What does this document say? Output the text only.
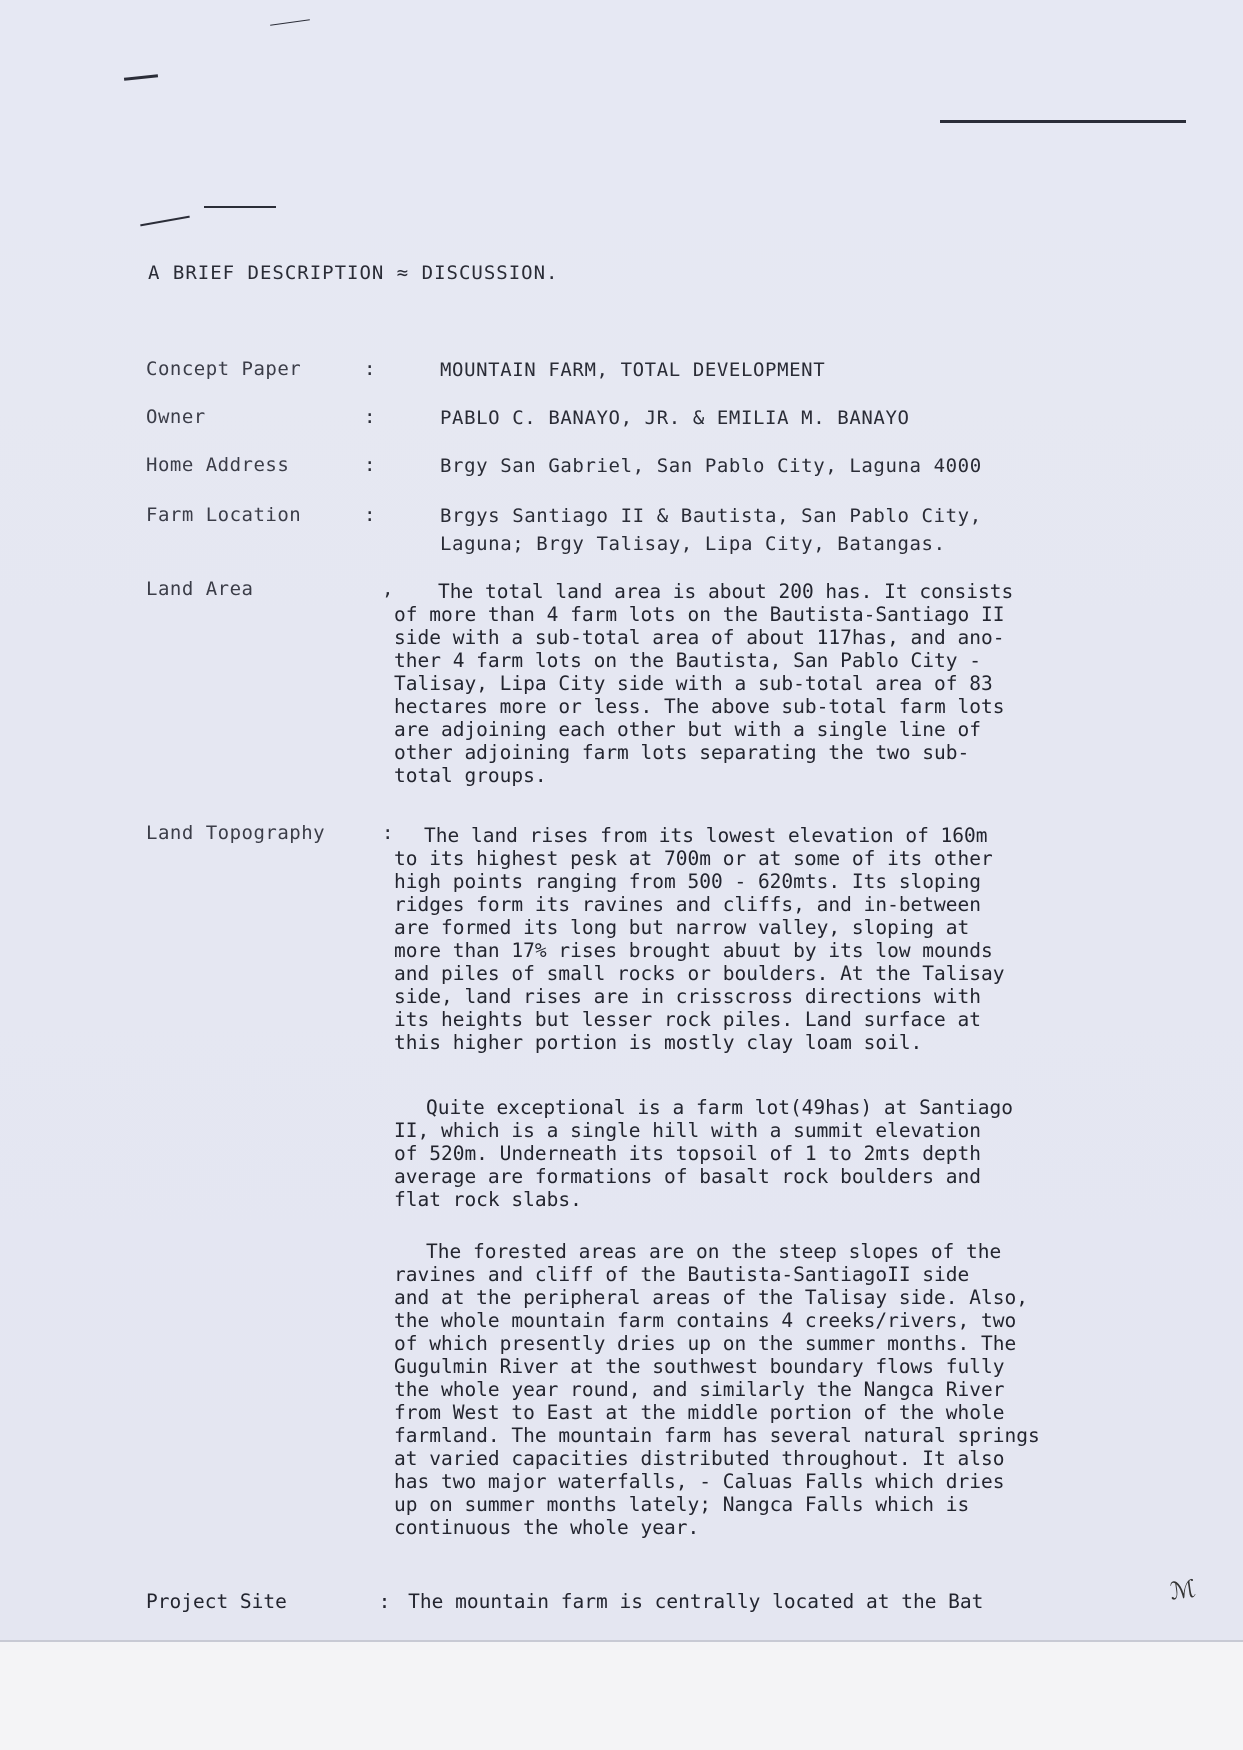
A BRIEF DESCRIPTION ≈ DISCUSSION.
Concept Paper	:	MOUNTAIN FARM, TOTAL DEVELOPMENT
Owner	:	PABLO C. BANAYO, JR. & EMILIA M. BANAYO
Home Address	:	Brgy San Gabriel, San Pablo City, Laguna 4000
Farm Location	:	Brgys Santiago II & Bautista, San Pablo City,
Laguna; Brgy Talisay, Lipa City, Batangas.
Land Area	,	The total land area is about 200 has. It consists
of more than 4 farm lots on the Bautista-Santiago II
side with a sub-total area of about 117has, and ano-
ther 4 farm lots on the Bautista, San Pablo City -
Talisay, Lipa City side with a sub-total area of 83
hectares more or less. The above sub-total farm lots
are adjoining each other but with a single line of
other adjoining farm lots separating the two sub-
total groups.
Land Topography	:	The land rises from its lowest elevation of 160m
to its highest pesk at 700m or at some of its other
high points ranging from 500 - 620mts. Its sloping
ridges form its ravines and cliffs, and in-between
are formed its long but narrow valley, sloping at
more than 17% rises brought abuut by its low mounds
and piles of small rocks or boulders. At the Talisay
side, land rises are in crisscross directions with
its heights but lesser rock piles. Land surface at
this higher portion is mostly clay loam soil.
Quite exceptional is a farm lot(49has) at Santiago
II, which is a single hill with a summit elevation
of 520m. Underneath its topsoil of 1 to 2mts depth
average are formations of basalt rock boulders and
flat rock slabs.
The forested areas are on the steep slopes of the
ravines and cliff of the Bautista-SantiagoII side
and at the peripheral areas of the Talisay side. Also,
the whole mountain farm contains 4 creeks/rivers, two
of which presently dries up on the summer months. The
Gugulmin River at the southwest boundary flows fully
the whole year round, and similarly the Nangca River
from West to East at the middle portion of the whole
farmland. The mountain farm has several natural springs
at varied capacities distributed throughout. It also
has two major waterfalls, - Caluas Falls which dries
up on summer months lately; Nangca Falls which is
continuous the whole year.
Project Site	: The mountain farm is centrally located at the Bat	ℳ
